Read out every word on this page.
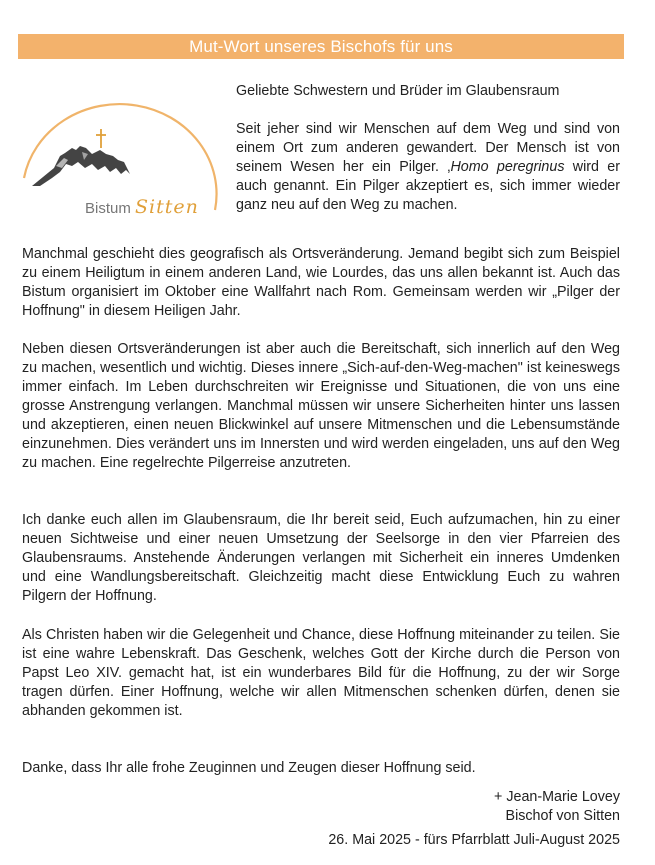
Mut-Wort unseres Bischofs für uns
Bistum Sitten

Geliebte Schwestern und Brüder im Glaubensraum

Seit jeher sind wir Menschen auf dem Weg und sind von einem Ort zum anderen gewandert. Der Mensch ist von seinem Wesen her ein Pilger. ‚Homo peregrinus wird er auch genannt. Ein Pilger akzeptiert es, sich immer wieder ganz neu auf den Weg zu machen.

Manchmal geschieht dies geografisch als Ortsveränderung. Jemand begibt sich zum Beispiel zu einem Heiligtum in einem anderen Land, wie Lourdes, das uns allen bekannt ist. Auch das Bistum organisiert im Oktober eine Wallfahrt nach Rom. Gemeinsam werden wir „Pilger der Hoffnung" in diesem Heiligen Jahr.

Neben diesen Ortsveränderungen ist aber auch die Bereitschaft, sich innerlich auf den Weg zu machen, wesentlich und wichtig. Dieses innere „Sich-auf-den-Weg-machen" ist keineswegs immer einfach. Im Leben durchschreiten wir Ereignisse und Situationen, die von uns eine grosse Anstrengung verlangen. Manchmal müssen wir unsere Sicherheiten hinter uns lassen und akzeptieren, einen neuen Blickwinkel auf unsere Mitmenschen und die Lebensumstände einzunehmen. Dies verändert uns im Innersten und wird werden eingeladen, uns auf den Weg zu machen. Eine regelrechte Pilgerreise anzutreten.

Ich danke euch allen im Glaubensraum, die Ihr bereit seid, Euch aufzumachen, hin zu einer neuen Sichtweise und einer neuen Umsetzung der Seelsorge in den vier Pfarreien des Glaubensraums. Anstehende Änderungen verlangen mit Sicherheit ein inneres Umdenken und eine Wandlungsbereitschaft. Gleichzeitig macht diese Entwicklung Euch zu wahren Pilgern der Hoffnung.

Als Christen haben wir die Gelegenheit und Chance, diese Hoffnung miteinander zu teilen. Sie ist eine wahre Lebenskraft. Das Geschenk, welches Gott der Kirche durch die Person von Papst Leo XIV. gemacht hat, ist ein wunderbares Bild für die Hoffnung, zu der wir Sorge tragen dürfen. Einer Hoffnung, welche wir allen Mitmenschen schenken dürfen, denen sie abhanden gekommen ist.

Danke, dass Ihr alle frohe Zeuginnen und Zeugen dieser Hoffnung seid.

+ Jean-Marie Lovey
Bischof von Sitten
26. Mai 2025 - fürs Pfarrblatt Juli-August 2025
